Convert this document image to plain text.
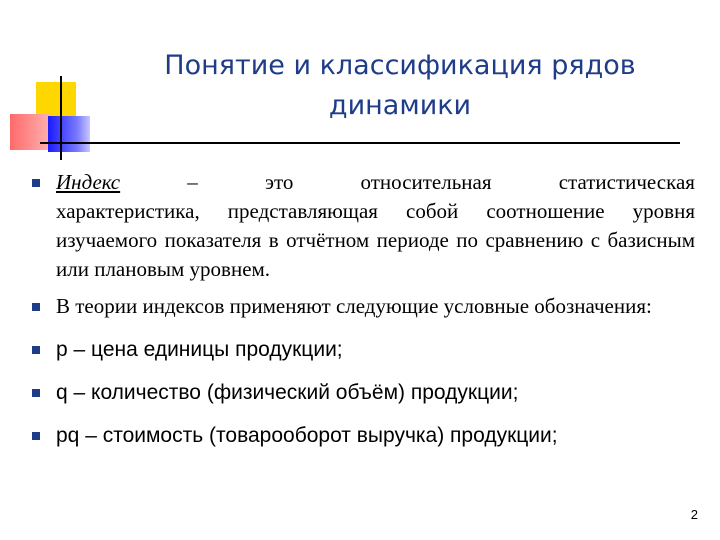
Понятие и классификация рядов
динамики
Индекс	–	это	относительная	статистическая
характеристика, представляющая собой соотношение уровня изучаемого показателя в отчётном периоде по сравнению с базисным или плановым уровнем.
В теории индексов применяют следующие условные обозначения:
р – цена единицы продукции;
q – количество (физический объём) продукции;
pq – стоимость (товарооборот выручка) продукции;
2
